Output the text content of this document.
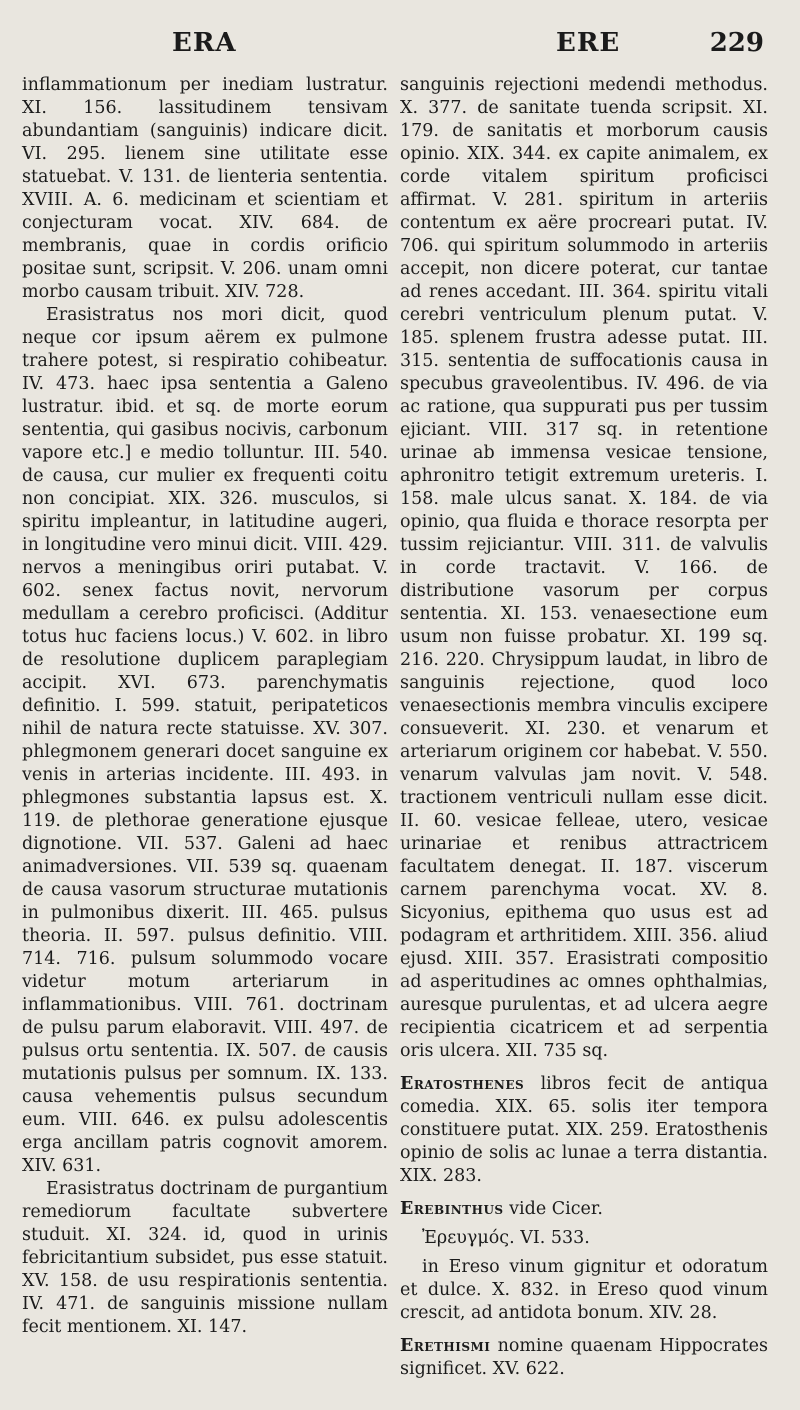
ERA	ERE	229

inflammationum per inediam lustratur. XI. 156. lassitudinem tensivam abundantiam (sanguinis) indicare dicit. VI. 295. lienem sine utilitate esse statuebat. V. 131. de lienteria sententia. XVIII. A. 6. medicinam et scientiam et conjecturam vocat. XIV. 684. de membranis, quae in cordis orificio positae sunt, scripsit. V. 206. unam omni morbo causam tribuit. XIV. 728.

Erasistratus nos mori dicit, quod neque cor ipsum aërem ex pulmone trahere potest, si respiratio cohibeatur. IV. 473. haec ipsa sententia a Galeno lustratur. ibid. et sq. de morte eorum sententia, qui gasibus nocivis, carbonum vapore etc.] e medio tolluntur. III. 540. de causa, cur mulier ex frequenti coitu non concipiat. XIX. 326. musculos, si spiritu impleantur, in latitudine augeri, in longitudine vero minui dicit. VIII. 429. nervos a meningibus oriri putabat. V. 602. senex factus novit, nervorum medullam a cerebro proficisci. (Additur totus huc faciens locus.) V. 602. in libro de resolutione duplicem paraplegiam accipit. XVI. 673. parenchymatis definitio. I. 599. statuit, peripateticos nihil de natura recte statuisse. XV. 307. phlegmonem generari docet sanguine ex venis in arterias incidente. III. 493. in phlegmones substantia lapsus est. X. 119. de plethorae generatione ejusque dignotione. VII. 537. Galeni ad haec animadversiones. VII. 539 sq. quaenam de causa vasorum structurae mutationis in pulmonibus dixerit. III. 465. pulsus theoria. II. 597. pulsus definitio. VIII. 714. 716. pulsum solummodo vocare videtur motum arteriarum in inflammationibus. VIII. 761. doctrinam de pulsu parum elaboravit. VIII. 497. de pulsus ortu sententia. IX. 507. de causis mutationis pulsus per somnum. IX. 133. causa vehementis pulsus secundum eum. VIII. 646. ex pulsu adolescentis erga ancillam patris cognovit amorem. XIV. 631.

Erasistratus doctrinam de purgantium remediorum facultate subvertere studuit. XI. 324. id, quod in urinis febricitantium subsidet, pus esse statuit. XV. 158. de usu respirationis sententia. IV. 471. de sanguinis missione nullam fecit mentionem. XI. 147.

sanguinis rejectioni medendi methodus. X. 377. de sanitate tuenda scripsit. XI. 179. de sanitatis et morborum causis opinio. XIX. 344. ex capite animalem, ex corde vitalem spiritum proficisci affirmat. V. 281. spiritum in arteriis contentum ex aëre procreari putat. IV. 706. qui spiritum solummodo in arteriis accepit, non dicere poterat, cur tantae ad renes accedant. III. 364. spiritu vitali cerebri ventriculum plenum putat. V. 185. splenem frustra adesse putat. III. 315. sententia de suffocationis causa in specubus graveolentibus. IV. 496. de via ac ratione, qua suppurati pus per tussim ejiciant. VIII. 317 sq. in retentione urinae ab immensa vesicae tensione, aphronitro tetigit extremum ureteris. I. 158. male ulcus sanat. X. 184. de via opinio, qua fluida e thorace resorpta per tussim rejiciantur. VIII. 311. de valvulis in corde tractavit. V. 166. de distributione vasorum per corpus sententia. XI. 153. venaesectione eum usum non fuisse probatur. XI. 199 sq. 216. 220. Chrysippum laudat, in libro de sanguinis rejectione, quod loco venaesectionis membra vinculis excipere consueverit. XI. 230. et venarum et arteriarum originem cor habebat. V. 550. venarum valvulas jam novit. V. 548. tractionem ventriculi nullam esse dicit. II. 60. vesicae felleae, utero, vesicae urinariae et renibus attractricem facultatem denegat. II. 187. viscerum carnem parenchyma vocat. XV. 8. Sicyonius, epithema quo usus est ad podagram et arthritidem. XIII. 356. aliud ejusd. XIII. 357. Erasistrati compositio ad asperitudines ac omnes ophthalmias, auresque purulentas, et ad ulcera aegre recipientia cicatricem et ad serpentia oris ulcera. XII. 735 sq.

Eratosthenes libros fecit de antiqua comedia. XIX. 65. solis iter tempora constituere putat. XIX. 259. Eratosthenis opinio de solis ac lunae a terra distantia. XIX. 283.

Erebinthus vide Cicer.

Ἐρευγμός. VI. 533.

in Ereso vinum gignitur et odoratum et dulce. X. 832. in Ereso quod vinum crescit, ad antidota bonum. XIV. 28.

Erethismi nomine quaenam Hippocrates significet. XV. 622.
